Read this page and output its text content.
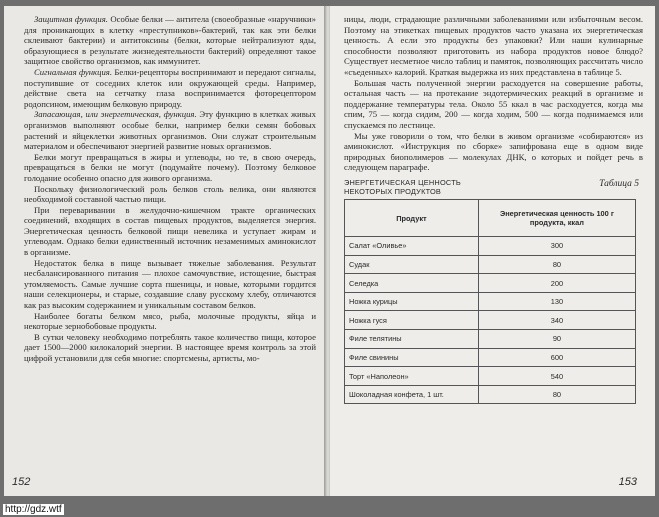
Защитная функция. Особые белки — антитела (своеобразные «наручники» для проникающих в клетку «преступников»-бактерий, так как эти белки склеивают бактерии) и антитоксины (белки, которые нейтрализуют яды, образующиеся в результате жизнедеятельности бактерий) определяют такое защитное свойство организмов, как иммунитет.

Сигнальная функция. Белки-рецепторы воспринимают и передают сигналы, поступившие от соседних клеток или окружающей среды. Например, действие света на сетчатку глаза воспринимается фоторецептором родопсином, имеющим белковую природу.

Запасающая, или энергетическая, функция. Эту функцию в клетках живых организмов выполняют особые белки, например белки семян бобовых растений и яйцеклетки животных организмов. Они служат строительным материалом и обеспечивают энергией развитие новых организмов.

Белки могут превращаться в жиры и углеводы, но те, в свою очередь, превращаться в белки не могут (подумайте почему). Поэтому белковое голодание особенно опасно для живого организма.

Поскольку физиологический роль белков столь велика, они являются необходимой составной частью пищи.

При переваривании в желудочно-кишечном тракте органических соединений, входящих в состав пищевых продуктов, выделяется энергия. Энергетическая ценность белковой пищи невелика и уступает жирам и углеводам. Однако белки единственный источник незаменимых аминокислот в организме.

Недостаток белка в пище вызывает тяжелые заболевания. Результат несбалансированного питания — плохое самочувствие, истощение, быстрая утомляемость. Самые лучшие сорта пшеницы, и новые, которыми гордится наши селекционеры, и старые, создавшие славу русскому хлебу, отличаются как раз высоким содержанием и уникальным составом белков.

Наиболее богаты белком мясо, рыба, молочные продукты, яйца и некоторые зернобобовые продукты.

В сутки человеку необходимо потреблять такое количество пищи, которое дает 1500—2000 килокалорий энергии. В настоящее время контроль за этой цифрой установили для себя многие: спортсмены, артисты, мо-

152

ницы, люди, страдающие различными заболеваниями или избыточным весом. Поэтому на этикетках пищевых продуктов часто указана их энергетическая ценность. А если это продукты без упаковки? Или наши кулинарные способности позволяют приготовить из набора продуктов новое блюдо? Существует несметное число таблиц и памяток, позволяющих рассчитать число «съеденных» калорий. Краткая выдержка из них представлена в таблице 5.

Большая часть полученной энергии расходуется на совершение работы, остальная часть — на протекание эндотермических реакций в организме и поддержание температуры тела. Около 55 ккал в час расходуется, когда мы спим, 75 — когда сидим, 200 — когда ходим, 500 — когда поднимаемся или спускаемся по лестнице.

Мы уже говорили о том, что белки в живом организме «собираются» из аминокислот. «Инструкция по сборке» запифрована еще в одном виде природных биополимеров — молекулах ДНК, о которых и пойдет речь в следующем параграфе.

ЭНЕРГЕТИЧЕСКАЯ ЦЕННОСТЬ
НЕКОТОРЫХ ПРОДУКТОВ
Таблица 5
Продукт	Энергетическая ценность 100 г продукта, ккал
Салат «Оливье»	300
Судак	80
Селедка	200
Ножка курицы	130
Ножка гуся	340
Филе телятины	90
Филе свинины	600
Торт «Наполеон»	540
Шоколадная конфета, 1 шт.	80
153
http://gdz.wtf
